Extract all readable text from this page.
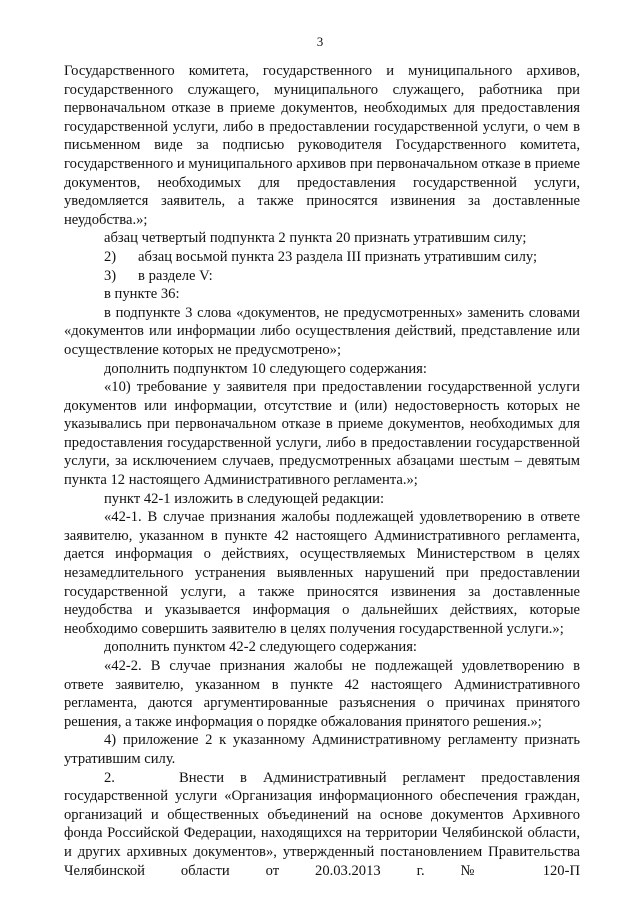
3

Государственного комитета, государственного и муниципального архивов, государственного служащего, муниципального служащего, работника при первоначальном отказе в приеме документов, необходимых для предоставления государственной услуги, либо в предоставлении государственной услуги, о чем в письменном виде за подписью руководителя Государственного комитета, государственного и муниципального архивов при первоначальном отказе в приеме документов, необходимых для предоставления государственной услуги, уведомляется заявитель, а также приносятся извинения за доставленные неудобства.»;

абзац четвертый подпункта 2 пункта 20 признать утратившим силу;

2)      абзац восьмой пункта 23 раздела III признать утратившим силу;

3)      в разделе V:

в пункте 36:

в подпункте 3 слова «документов, не предусмотренных» заменить словами «документов или информации либо осуществления действий, представление или осуществление которых не предусмотрено»;

дополнить подпунктом 10 следующего содержания:

«10) требование у заявителя при предоставлении государственной услуги документов или информации, отсутствие и (или) недостоверность которых не указывались при первоначальном отказе в приеме документов, необходимых для предоставления государственной услуги, либо в предоставлении государственной услуги, за исключением случаев, предусмотренных абзацами шестым – девятым пункта 12 настоящего Административного регламента.»;

пункт 42-1 изложить в следующей редакции:

«42-1. В случае признания жалобы подлежащей удовлетворению в ответе заявителю, указанном в пункте 42 настоящего Административного регламента, дается информация о действиях, осуществляемых Министерством в целях незамедлительного устранения выявленных нарушений при предоставлении государственной услуги, а также приносятся извинения за доставленные неудобства и указывается информация о дальнейших действиях, которые необходимо совершить заявителю в целях получения государственной услуги.»;

дополнить пунктом 42-2 следующего содержания:

«42-2. В случае признания жалобы не подлежащей удовлетворению в ответе заявителю, указанном в пункте 42 настоящего Административного регламента, даются аргументированные разъяснения о причинах принятого решения, а также информация о порядке обжалования принятого решения.»;

4) приложение 2 к указанному Административному регламенту признать утратившим силу.

2.    Внести в Административный регламент предоставления государственной услуги «Организация информационного обеспечения граждан, организаций и общественных объединений на основе документов Архивного фонда Российской Федерации, находящихся на территории Челябинской области, и других архивных документов», утвержденный постановлением Правительства Челябинской области от 20.03.2013 г. № 120-П
